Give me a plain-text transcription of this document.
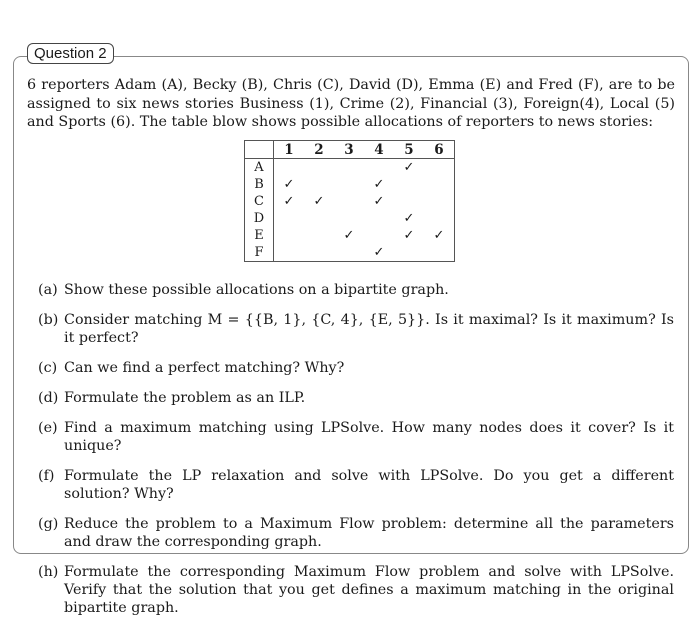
Question 2
6 reporters Adam (A), Becky (B), Chris (C), David (D), Emma (E) and Fred (F), are to be assigned to six news stories Business (1), Crime (2), Financial (3), Foreign(4), Local (5) and Sports (6). The table blow shows possible allocations of reporters to news stories:
	1	2	3	4	5	6
A					✓	
B	✓			✓		
C	✓	✓		✓		
D					✓	
E			✓		✓	✓
F				✓		
(a) Show these possible allocations on a bipartite graph.
(b) Consider matching M = {{B, 1}, {C, 4}, {E, 5}}. Is it maximal? Is it maximum? Is it perfect?
(c) Can we find a perfect matching? Why?
(d) Formulate the problem as an ILP.
(e) Find a maximum matching using LPSolve. How many nodes does it cover? Is it unique?
(f) Formulate the LP relaxation and solve with LPSolve. Do you get a different solution? Why?
(g) Reduce the problem to a Maximum Flow problem: determine all the parameters and draw the corresponding graph.
(h) Formulate the corresponding Maximum Flow problem and solve with LPSolve. Verify that the solution that you get defines a maximum matching in the original bipartite graph.
